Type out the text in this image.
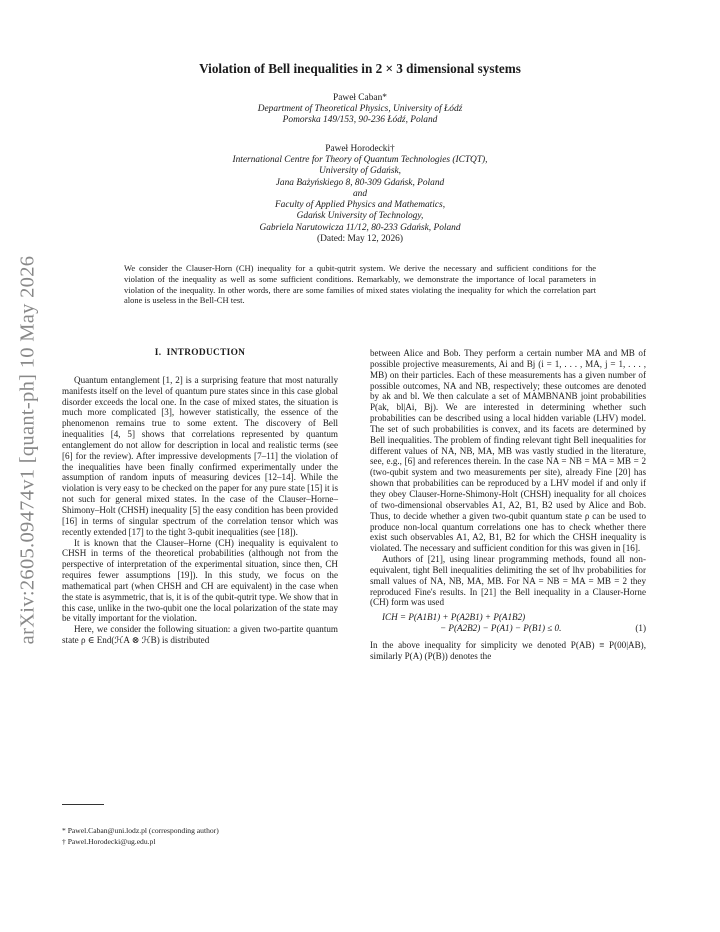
arXiv:2605.09474v1 [quant-ph] 10 May 2026
Violation of Bell inequalities in 2 × 3 dimensional systems
Paweł Caban*
Department of Theoretical Physics, University of Łódź
Pomorska 149/153, 90-236 Łódź, Poland
Paweł Horodecki†
International Centre for Theory of Quantum Technologies (ICTQT),
University of Gdańsk,
Jana Bażyńskiego 8, 80-309 Gdańsk, Poland
and
Faculty of Applied Physics and Mathematics,
Gdańsk University of Technology,
Gabriela Narutowicza 11/12, 80-233 Gdańsk, Poland
(Dated: May 12, 2026)
We consider the Clauser-Horn (CH) inequality for a qubit-qutrit system. We derive the necessary and sufficient conditions for the violation of the inequality as well as some sufficient conditions. Remarkably, we demonstrate the importance of local parameters in violation of the inequality. In other words, there are some families of mixed states violating the inequality for which the correlation part alone is useless in the Bell-CH test.
I. INTRODUCTION

Quantum entanglement [1, 2] is a surprising feature that most naturally manifests itself on the level of quantum pure states since in this case global disorder exceeds the local one. In the case of mixed states, the situation is much more complicated [3], however statistically, the essence of the phenomenon remains true to some extent. The discovery of Bell inequalities [4, 5] shows that correlations represented by quantum entanglement do not allow for description in local and realistic terms (see [6] for the review). After impressive developments [7–11] the violation of the inequalities have been finally confirmed experimentally under the assumption of random inputs of measuring devices [12–14]. While the violation is very easy to be checked on the paper for any pure state [15] it is not such for general mixed states. In the case of the Clauser–Horne–Shimony–Holt (CHSH) inequality [5] the easy condition has been provided [16] in terms of singular spectrum of the correlation tensor which was recently extended [17] to the tight 3-qubit inequalities (see [18]).

It is known that the Clauser–Horne (CH) inequality is equivalent to CHSH in terms of the theoretical probabilities (although not from the perspective of interpretation of the experimental situation, since then, CH requires fewer assumptions [19]). In this study, we focus on the mathematical part (when CHSH and CH are equivalent) in the case when the state is asymmetric, that is, it is of the qubit-qutrit type. We show that in this case, unlike in the two-qubit one the local polarization of the state may be vitally important for the violation.

Here, we consider the following situation: a given two-partite quantum state ρ ∈ End(ℋA ⊗ ℋB) is distributed

between Alice and Bob. They perform a certain number MA and MB of possible projective measurements, Ai and Bj (i = 1, . . . , MA, j = 1, . . . , MB) on their particles. Each of these measurements has a given number of possible outcomes, NA and NB, respectively; these outcomes are denoted by ak and bl. We then calculate a set of MAMBNANB joint probabilities P(ak, bl|Ai, Bj). We are interested in determining whether such probabilities can be described using a local hidden variable (LHV) model. The set of such probabilities is convex, and its facets are determined by Bell inequalities. The problem of finding relevant tight Bell inequalities for different values of NA, NB, MA, MB was vastly studied in the literature, see, e.g., [6] and references therein. In the case NA = NB = MA = MB = 2 (two-qubit system and two measurements per site), already Fine [20] has shown that probabilities can be reproduced by a LHV model if and only if they obey Clauser-Horne-Shimony-Holt (CHSH) inequality for all choices of two-dimensional observables A1, A2, B1, B2 used by Alice and Bob. Thus, to decide whether a given two-qubit quantum state ρ can be used to produce non-local quantum correlations one has to check whether there exist such observables A1, A2, B1, B2 for which the CHSH inequality is violated. The necessary and sufficient condition for this was given in [16].

Authors of [21], using linear programming methods, found all non-equivalent, tight Bell inequalities delimiting the set of lhv probabilities for small values of NA, NB, MA, MB. For NA = NB = MA = MB = 2 they reproduced Fine's results. In [21] the Bell inequality in a Clauser-Horne (CH) form was used

ICH = P(A1B1) + P(A2B1) + P(A1B2)
− P(A2B2) − P(A1) − P(B1) ≤ 0.	(1)

In the above inequality for simplicity we denoted P(AB) ≡ P(00|AB), similarly P(A) (P(B)) denotes the

* Pawel.Caban@uni.lodz.pl (corresponding author)
† Pawel.Horodecki@ug.edu.pl
